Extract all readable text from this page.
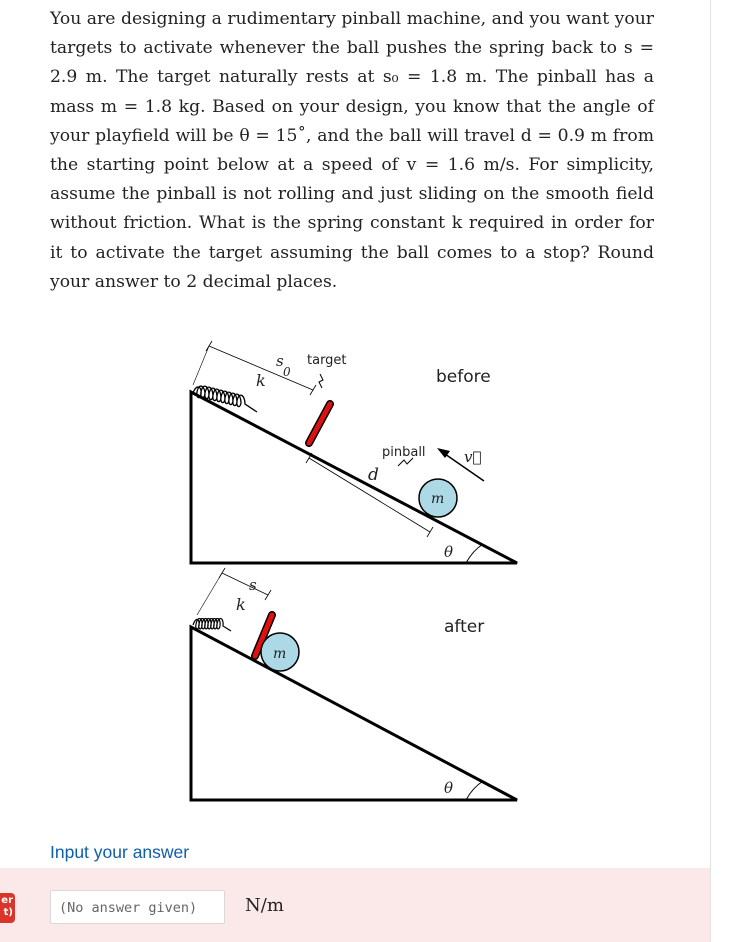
You are designing a rudimentary pinball machine, and you want your targets to activate whenever the ball pushes the spring back to s = 2.9 m. The target naturally rests at s₀ = 1.8 m. The pinball has a mass m = 1.8 kg. Based on your design, you know that the angle of your playfield will be θ = 15˚, and the ball will travel d = 0.9 m from the starting point below at a speed of v = 1.6 m/s. For simplicity, assume the pinball is not rolling and just sliding on the smooth field without friction. What is the spring constant k required in order for it to activate the target assuming the ball comes to a stop? Round your answer to 2 decimal places.

before
target
pinball
k
s
0
d
m
v⃗
θ
after
k
s
m
θ
Input your answer
er
t)	(No answer given)	N/m
